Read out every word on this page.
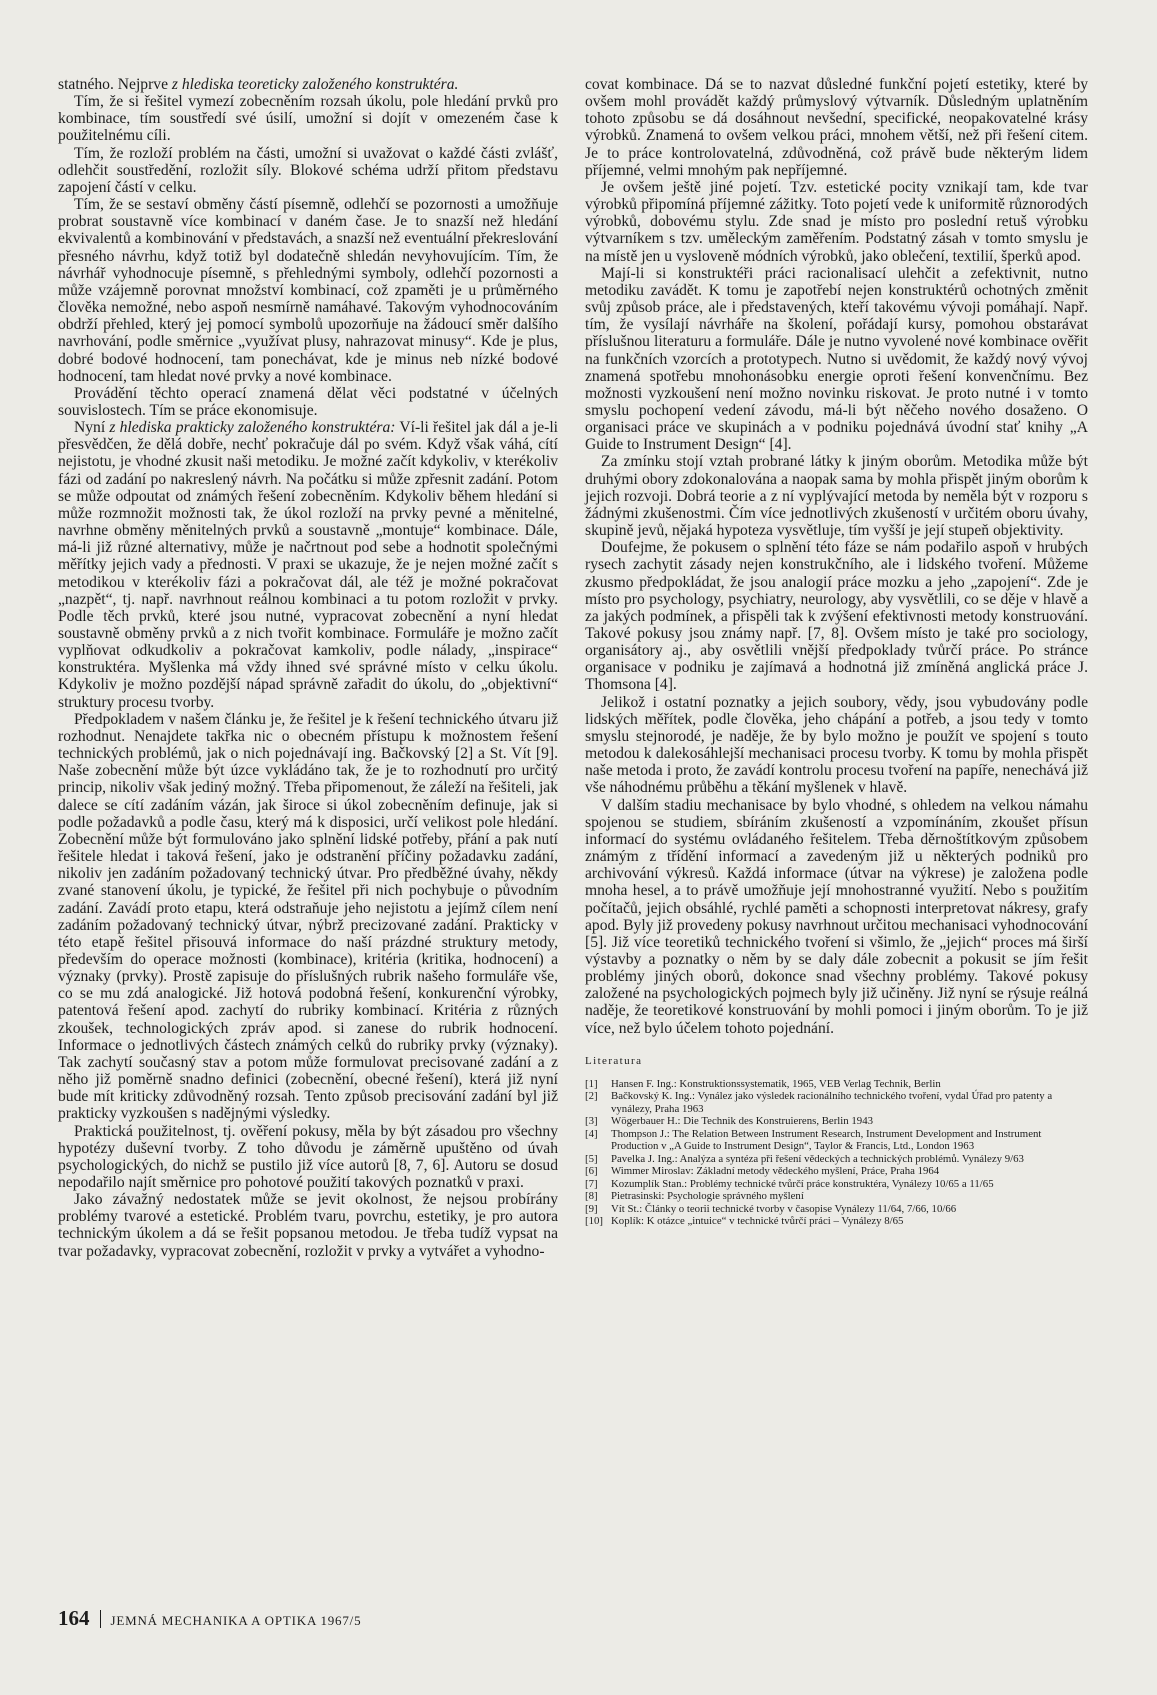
statného. Nejprve z hlediska teoreticky založeného konstruktéra.

Tím, že si řešitel vymezí zobecněním rozsah úkolu, pole hledání prvků pro kombinace, tím soustředí své úsilí, umožní si dojít v omezeném čase k použitelnému cíli.

Tím, že rozloží problém na části, umožní si uvažovat o každé části zvlášť, odlehčit soustředění, rozložit síly. Blokové schéma udrží přitom představu zapojení částí v celku.

Tím, že se sestaví obměny částí písemně, odlehčí se pozornosti a umožňuje probrat soustavně více kombinací v daném čase. Je to snazší než hledání ekvivalentů a kombinování v představách, a snazší než eventuální překreslování přesného návrhu, když totiž byl dodatečně shledán nevyhovujícím. Tím, že návrhář vyhodnocuje písemně, s přehlednými symboly, odlehčí pozornosti a může vzájemně porovnat množství kombinací, což zpaměti je u průměrného člověka nemožné, nebo aspoň nesmírně namáhavé. Takovým vyhodnocováním obdrží přehled, který jej pomocí symbolů upozorňuje na žádoucí směr dalšího navrhování, podle směrnice „využívat plusy, nahrazovat minusy“. Kde je plus, dobré bodové hodnocení, tam ponechávat, kde je minus neb nízké bodové hodnocení, tam hledat nové prvky a nové kombinace.

Provádění těchto operací znamená dělat věci podstatné v účelných souvislostech. Tím se práce ekonomisuje.

Nyní z hlediska prakticky založeného konstruktéra: Ví-li řešitel jak dál a je-li přesvědčen, že dělá dobře, nechť pokračuje dál po svém. Když však váhá, cítí nejistotu, je vhodné zkusit naši metodiku. Je možné začít kdykoliv, v kterékoliv fázi od zadání po nakreslený návrh. Na počátku si může zpřesnit zadání. Potom se může odpoutat od známých řešení zobecněním. Kdykoliv během hledání si může rozmnožit možnosti tak, že úkol rozloží na prvky pevné a měnitelné, navrhne obměny měnitelných prvků a soustavně „montuje“ kombinace. Dále, má-li již různé alternativy, může je načrtnout pod sebe a hodnotit společnými měřítky jejich vady a přednosti. V praxi se ukazuje, že je nejen možné začít s metodikou v kterékoliv fázi a pokračovat dál, ale též je možné pokračovat „nazpět“, tj. např. navrhnout reálnou kombinaci a tu potom rozložit v prvky. Podle těch prvků, které jsou nutné, vypracovat zobecnění a nyní hledat soustavně obměny prvků a z nich tvořit kombinace. Formuláře je možno začít vyplňovat odkudkoliv a pokračovat kamkoliv, podle nálady, „inspirace“ konstruktéra. Myšlenka má vždy ihned své správné místo v celku úkolu. Kdykoliv je možno pozdější nápad správně zařadit do úkolu, do „objektivní“ struktury procesu tvorby.

Předpokladem v našem článku je, že řešitel je k řešení technického útvaru již rozhodnut. Nenajdete takřka nic o obecném přístupu k možnostem řešení technických problémů, jak o nich pojednávají ing. Bačkovský [2] a St. Vít [9]. Naše zobecnění může být úzce vykládáno tak, že je to rozhodnutí pro určitý princip, nikoliv však jediný možný. Třeba připomenout, že záleží na řešiteli, jak dalece se cítí zadáním vázán, jak široce si úkol zobecněním definuje, jak si podle požadavků a podle času, který má k disposici, určí velikost pole hledání. Zobecnění může být formulováno jako splnění lidské potřeby, přání a pak nutí řešitele hledat i taková řešení, jako je odstranění příčiny požadavku zadání, nikoliv jen zadáním požadovaný technický útvar. Pro předběžné úvahy, někdy zvané stanovení úkolu, je typické, že řešitel při nich pochybuje o původním zadání. Zavádí proto etapu, která odstraňuje jeho nejistotu a jejímž cílem není zadáním požadovaný technický útvar, nýbrž precizované zadání. Prakticky v této etapě řešitel přisouvá informace do naší prázdné struktury metody, především do operace možnosti (kombinace), kritéria (kritika, hodnocení) a význaky (prvky). Prostě zapisuje do příslušných rubrik našeho formuláře vše, co se mu zdá analogické. Již hotová podobná řešení, konkurenční výrobky, patentová řešení apod. zachytí do rubriky kombinací. Kritéria z různých zkoušek, technologických zpráv apod. si zanese do rubrik hodnocení. Informace o jednotlivých částech známých celků do rubriky prvky (význaky). Tak zachytí současný stav a potom může formulovat precisované zadání a z něho již poměrně snadno definici (zobecnění, obecné řešení), která již nyní bude mít kriticky zdůvodněný rozsah. Tento způsob precisování zadání byl již prakticky vyzkoušen s nadějnými výsledky.

Praktická použitelnost, tj. ověření pokusy, měla by být zásadou pro všechny hypotézy duševní tvorby. Z toho důvodu je záměrně upuštěno od úvah psychologických, do nichž se pustilo již více autorů [8, 7, 6]. Autoru se dosud nepodařilo najít směrnice pro pohotové použití takových poznatků v praxi.

Jako závažný nedostatek může se jevit okolnost, že nejsou probírány problémy tvarové a estetické. Problém tvaru, povrchu, estetiky, je pro autora technickým úkolem a dá se řešit popsanou metodou. Je třeba tudíž vypsat na tvar požadavky, vypracovat zobecnění, rozložit v prvky a vytvářet a vyhodno-

covat kombinace. Dá se to nazvat důsledné funkční pojetí estetiky, které by ovšem mohl provádět každý průmyslový výtvarník. Důsledným uplatněním tohoto způsobu se dá dosáhnout nevšední, specifické, neopakovatelné krásy výrobků. Znamená to ovšem velkou práci, mnohem větší, než při řešení citem. Je to práce kontrolovatelná, zdůvodněná, což právě bude některým lidem příjemné, velmi mnohým pak nepříjemné.

Je ovšem ještě jiné pojetí. Tzv. estetické pocity vznikají tam, kde tvar výrobků připomíná příjemné zážitky. Toto pojetí vede k uniformitě různorodých výrobků, dobovému stylu. Zde snad je místo pro poslední retuš výrobku výtvarníkem s tzv. uměleckým zaměřením. Podstatný zásah v tomto smyslu je na místě jen u vysloveně módních výrobků, jako oblečení, textilií, šperků apod.

Mají-li si konstruktéři práci racionalisací ulehčit a zefektivnit, nutno metodiku zavádět. K tomu je zapotřebí nejen konstruktérů ochotných změnit svůj způsob práce, ale i představených, kteří takovému vývoji pomáhají. Např. tím, že vysílají návrháře na školení, pořádají kursy, pomohou obstarávat příslušnou literaturu a formuláře. Dále je nutno vyvolené nové kombinace ověřit na funkčních vzorcích a prototypech. Nutno si uvědomit, že každý nový vývoj znamená spotřebu mnohonásobku energie oproti řešení konvenčnímu. Bez možnosti vyzkoušení není možno novinku riskovat. Je proto nutné i v tomto smyslu pochopení vedení závodu, má-li být něčeho nového dosaženo. O organisaci práce ve skupinách a v podniku pojednává úvodní stať knihy „A Guide to Instrument Design“ [4].

Za zmínku stojí vztah probrané látky k jiným oborům. Metodika může být druhými obory zdokonalována a naopak sama by mohla přispět jiným oborům k jejich rozvoji. Dobrá teorie a z ní vyplývající metoda by neměla být v rozporu s žádnými zkušenostmi. Čím více jednotlivých zkušeností v určitém oboru úvahy, skupině jevů, nějaká hypoteza vysvětluje, tím vyšší je její stupeň objektivity.

Doufejme, že pokusem o splnění této fáze se nám podařilo aspoň v hrubých rysech zachytit zásady nejen konstrukčního, ale i lidského tvoření. Můžeme zkusmo předpokládat, že jsou analogií práce mozku a jeho „zapojení“. Zde je místo pro psychology, psychiatry, neurology, aby vysvětlili, co se děje v hlavě a za jakých podmínek, a přispěli tak k zvýšení efektivnosti metody konstruování. Takové pokusy jsou známy např. [7, 8]. Ovšem místo je také pro sociology, organisátory aj., aby osvětlili vnější předpoklady tvůrčí práce. Po stránce organisace v podniku je zajímavá a hodnotná již zmíněná anglická práce J. Thomsona [4].

Jelikož i ostatní poznatky a jejich soubory, vědy, jsou vybudovány podle lidských měřítek, podle člověka, jeho chápání a potřeb, a jsou tedy v tomto smyslu stejnorodé, je naděje, že by bylo možno je použít ve spojení s touto metodou k dalekosáhlejší mechanisaci procesu tvorby. K tomu by mohla přispět naše metoda i proto, že zavádí kontrolu procesu tvoření na papíře, nenechává již vše náhodnému průběhu a těkání myšlenek v hlavě.

V dalším stadiu mechanisace by bylo vhodné, s ohledem na velkou námahu spojenou se studiem, sbíráním zkušeností a vzpomínáním, zkoušet přísun informací do systému ovládaného řešitelem. Třeba děrnoštítkovým způsobem známým z třídění informací a zavedeným již u některých podniků pro archivování výkresů. Každá informace (útvar na výkrese) je založena podle mnoha hesel, a to právě umožňuje její mnohostranné využití. Nebo s použitím počítačů, jejich obsáhlé, rychlé paměti a schopnosti interpretovat nákresy, grafy apod. Byly již provedeny pokusy navrhnout určitou mechanisaci vyhodnocování [5]. Již více teoretiků technického tvoření si všimlo, že „jejich“ proces má širší výstavby a poznatky o něm by se daly dále zobecnit a pokusit se jím řešit problémy jiných oborů, dokonce snad všechny problémy. Takové pokusy založené na psychologických pojmech byly již učiněny. Již nyní se rýsuje reálná naděje, že teoretikové konstruování by mohli pomoci i jiným oborům. To je již více, než bylo účelem tohoto pojednání.

Literatura
[1] Hansen F. Ing.: Konstruktionssystematik, 1965, VEB Verlag Technik, Berlin
[2] Bačkovský K. Ing.: Vynález jako výsledek racionálního technického tvoření, vydal Úřad pro patenty a vynálezy, Praha 1963
[3] Wögerbauer H.: Die Technik des Konstruierens, Berlin 1943
[4] Thompson J.: The Relation Between Instrument Research, Instrument Development and Instrument Production v „A Guide to Instrument Design“, Taylor & Francis, Ltd., London 1963
[5] Pavelka J. Ing.: Analýza a syntéza při řešení vědeckých a technických problémů. Vynálezy 9/63
[6] Wimmer Miroslav: Základní metody vědeckého myšlení, Práce, Praha 1964
[7] Kozumplík Stan.: Problémy technické tvůrčí práce konstruktéra, Vynálezy 10/65 a 11/65
[8] Pietrasinski: Psychologie správného myšlení
[9] Vít St.: Články o teorii technické tvorby v časopise Vynálezy 11/64, 7/66, 10/66
[10] Koplík: K otázce „intuice“ v technické tvůrčí práci – Vynálezy 8/65
164 JEMNÁ MECHANIKA A OPTIKA 1967/5
